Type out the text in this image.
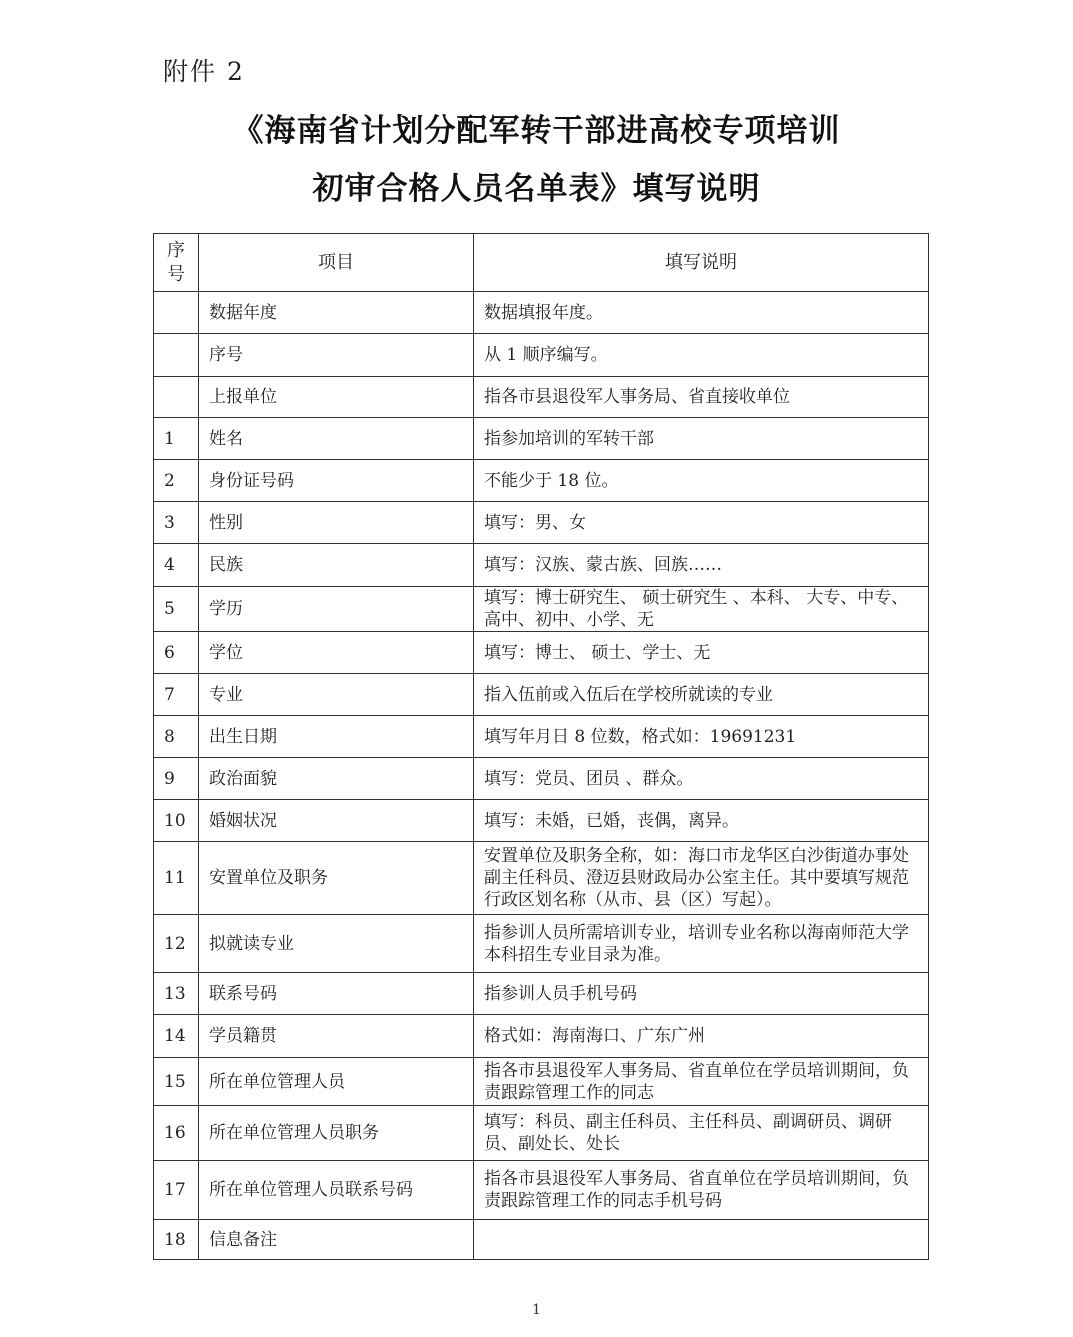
附件 2
《海南省计划分配军转干部进高校专项培训
初审合格人员名单表》填写说明
序
号	项目	填写说明
	数据年度	数据填报年度。
	序号	从 1 顺序编写。
	上报单位	指各市县退役军人事务局、省直接收单位
1	姓名	指参加培训的军转干部
2	身份证号码	不能少于 18 位。
3	性别	填写：男、女
4	民族	填写：汉族、蒙古族、回族……
5	学历	填写：博士研究生、 硕士研究生 、本科、 大专、中专、高中、初中、小学、无
6	学位	填写：博士、 硕士、学士、无
7	专业	指入伍前或入伍后在学校所就读的专业
8	出生日期	填写年月日 8 位数，格式如：19691231
9	政治面貌	填写：党员、团员 、群众。
10	婚姻状况	填写：未婚，已婚，丧偶，离异。
11	安置单位及职务	安置单位及职务全称，如：海口市龙华区白沙街道办事处副主任科员、澄迈县财政局办公室主任。其中要填写规范行政区划名称（从市、县（区）写起）。
12	拟就读专业	指参训人员所需培训专业，培训专业名称以海南师范大学本科招生专业目录为准。
13	联系号码	指参训人员手机号码
14	学员籍贯	格式如：海南海口、广东广州
15	所在单位管理人员	指各市县退役军人事务局、省直单位在学员培训期间，负责跟踪管理工作的同志
16	所在单位管理人员职务	填写：科员、副主任科员、主任科员、副调研员、调研员、副处长、处长
17	所在单位管理人员联系号码	指各市县退役军人事务局、省直单位在学员培训期间，负责跟踪管理工作的同志手机号码
18	信息备注	
1
